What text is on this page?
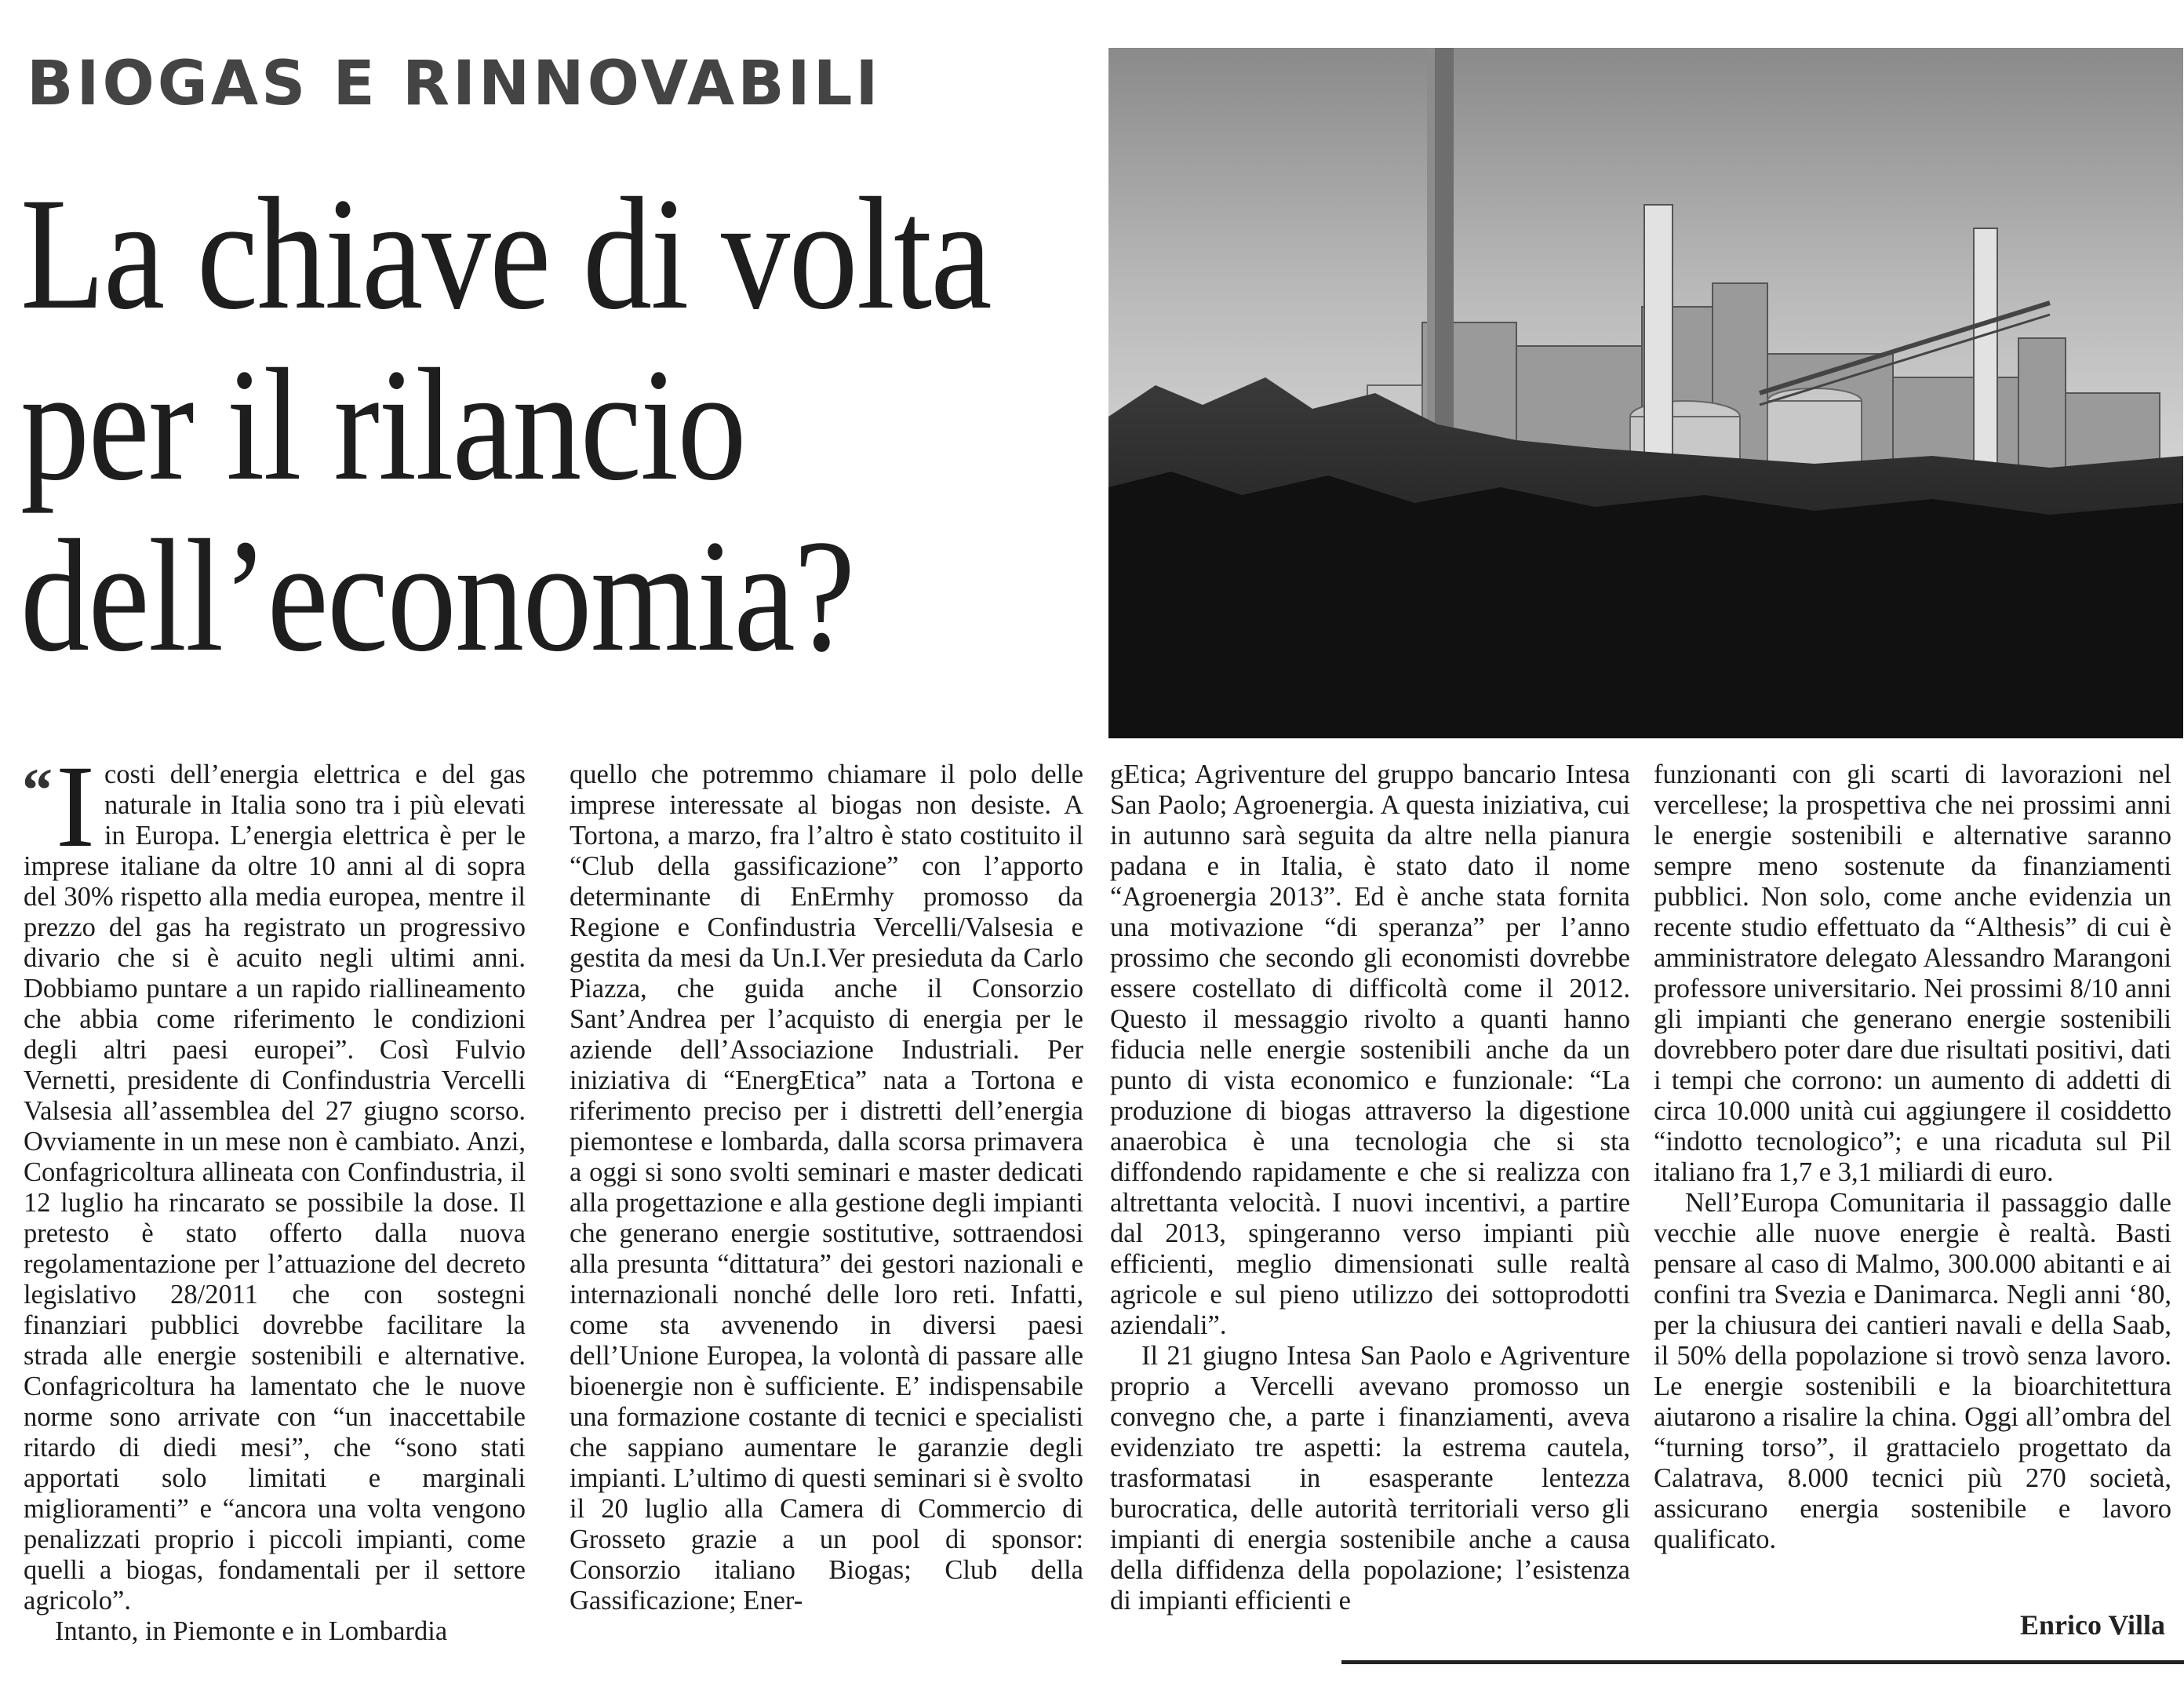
BIOGAS E RINNOVABILI
La chiave di volta
per il rilancio
dell’economia?

“ I costi dell’energia elettrica e del gas naturale in Italia sono tra i più elevati in Europa. L’energia elettrica è per le imprese italiane da oltre 10 anni al di sopra del 30% rispetto alla media europea, mentre il prezzo del gas ha registrato un progressivo divario che si è acuito negli ultimi anni. Dobbiamo puntare a un rapido riallineamento che abbia come riferimento le condizioni degli altri paesi europei”. Così Fulvio Vernetti, presidente di Confindustria Vercelli Valsesia all’assemblea del 27 giugno scorso. Ovviamente in un mese non è cambiato. Anzi, Confagricoltura allineata con Confindustria, il 12 luglio ha rincarato se possibile la dose. Il pretesto è stato offerto dalla nuova regolamentazione per l’attuazione del decreto legislativo 28/2011 che con sostegni finanziari pubblici dovrebbe facilitare la strada alle energie sostenibili e alternative. Confagricoltura ha lamentato che le nuove norme sono arrivate con “un inaccettabile ritardo di diedi mesi”, che “sono stati apportati solo limitati e marginali miglioramenti” e “ancora una volta vengono penalizzati proprio i piccoli impianti, come quelli a biogas, fondamentali per il settore agricolo”.

Intanto, in Piemonte e in Lombardia

quello che potremmo chiamare il polo delle imprese interessate al biogas non desiste. A Tortona, a marzo, fra l’altro è stato costituito il “Club della gassificazione” con l’apporto determinante di EnErmhy promosso da Regione e Confindustria Vercelli/Valsesia e gestita da mesi da Un.I.Ver presieduta da Carlo Piazza, che guida anche il Consorzio Sant’Andrea per l’acquisto di energia per le aziende dell’Associazione Industriali. Per iniziativa di “EnergEtica” nata a Tortona e riferimento preciso per i distretti dell’energia piemontese e lombarda, dalla scorsa primavera a oggi si sono svolti seminari e master dedicati alla progettazione e alla gestione degli impianti che generano energie sostitutive, sottraendosi alla presunta “dittatura” dei gestori nazionali e internazionali nonché delle loro reti. Infatti, come sta avvenendo in diversi paesi dell’Unione Europea, la volontà di passare alle bioenergie non è sufficiente. E’ indispensabile una formazione costante di tecnici e specialisti che sappiano aumentare le garanzie degli impianti. L’ultimo di questi seminari si è svolto il 20 luglio alla Camera di Commercio di Grosseto grazie a un pool di sponsor: Consorzio italiano Biogas; Club della Gassificazione; Ener-

gEtica; Agriventure del gruppo bancario Intesa San Paolo; Agroenergia. A questa iniziativa, cui in autunno sarà seguita da altre nella pianura padana e in Italia, è stato dato il nome “Agroenergia 2013”. Ed è anche stata fornita una motivazione “di speranza” per l’anno prossimo che secondo gli economisti dovrebbe essere costellato di difficoltà come il 2012. Questo il messaggio rivolto a quanti hanno fiducia nelle energie sostenibili anche da un punto di vista economico e funzionale: “La produzione di biogas attraverso la digestione anaerobica è una tecnologia che si sta diffondendo rapidamente e che si realizza con altrettanta velocità. I nuovi incentivi, a partire dal 2013, spingeranno verso impianti più efficienti, meglio dimensionati sulle realtà agricole e sul pieno utilizzo dei sottoprodotti aziendali”.

Il 21 giugno Intesa San Paolo e Agriventure proprio a Vercelli avevano promosso un convegno che, a parte i finanziamenti, aveva evidenziato tre aspetti: la estrema cautela, trasformatasi in esasperante lentezza burocratica, delle autorità territoriali verso gli impianti di energia sostenibile anche a causa della diffidenza della popolazione; l’esistenza di impianti efficienti e

funzionanti con gli scarti di lavorazioni nel vercellese; la prospettiva che nei prossimi anni le energie sostenibili e alternative saranno sempre meno sostenute da finanziamenti pubblici. Non solo, come anche evidenzia un recente studio effettuato da “Althesis” di cui è amministratore delegato Alessandro Marangoni professore universitario. Nei prossimi 8/10 anni gli impianti che generano energie sostenibili dovrebbero poter dare due risultati positivi, dati i tempi che corrono: un aumento di addetti di circa 10.000 unità cui aggiungere il cosiddetto “indotto tecnologico”; e una ricaduta sul Pil italiano fra 1,7 e 3,1 miliardi di euro.

Nell’Europa Comunitaria il passaggio dalle vecchie alle nuove energie è realtà. Basti pensare al caso di Malmo, 300.000 abitanti e ai confini tra Svezia e Danimarca. Negli anni ‘80, per la chiusura dei cantieri navali e della Saab, il 50% della popolazione si trovò senza lavoro. Le energie sostenibili e la bioarchitettura aiutarono a risalire la china. Oggi all’ombra del “turning torso”, il grattacielo progettato da Calatrava, 8.000 tecnici più 270 società, assicurano energia sostenibile e lavoro qualificato.

Enrico Villa
